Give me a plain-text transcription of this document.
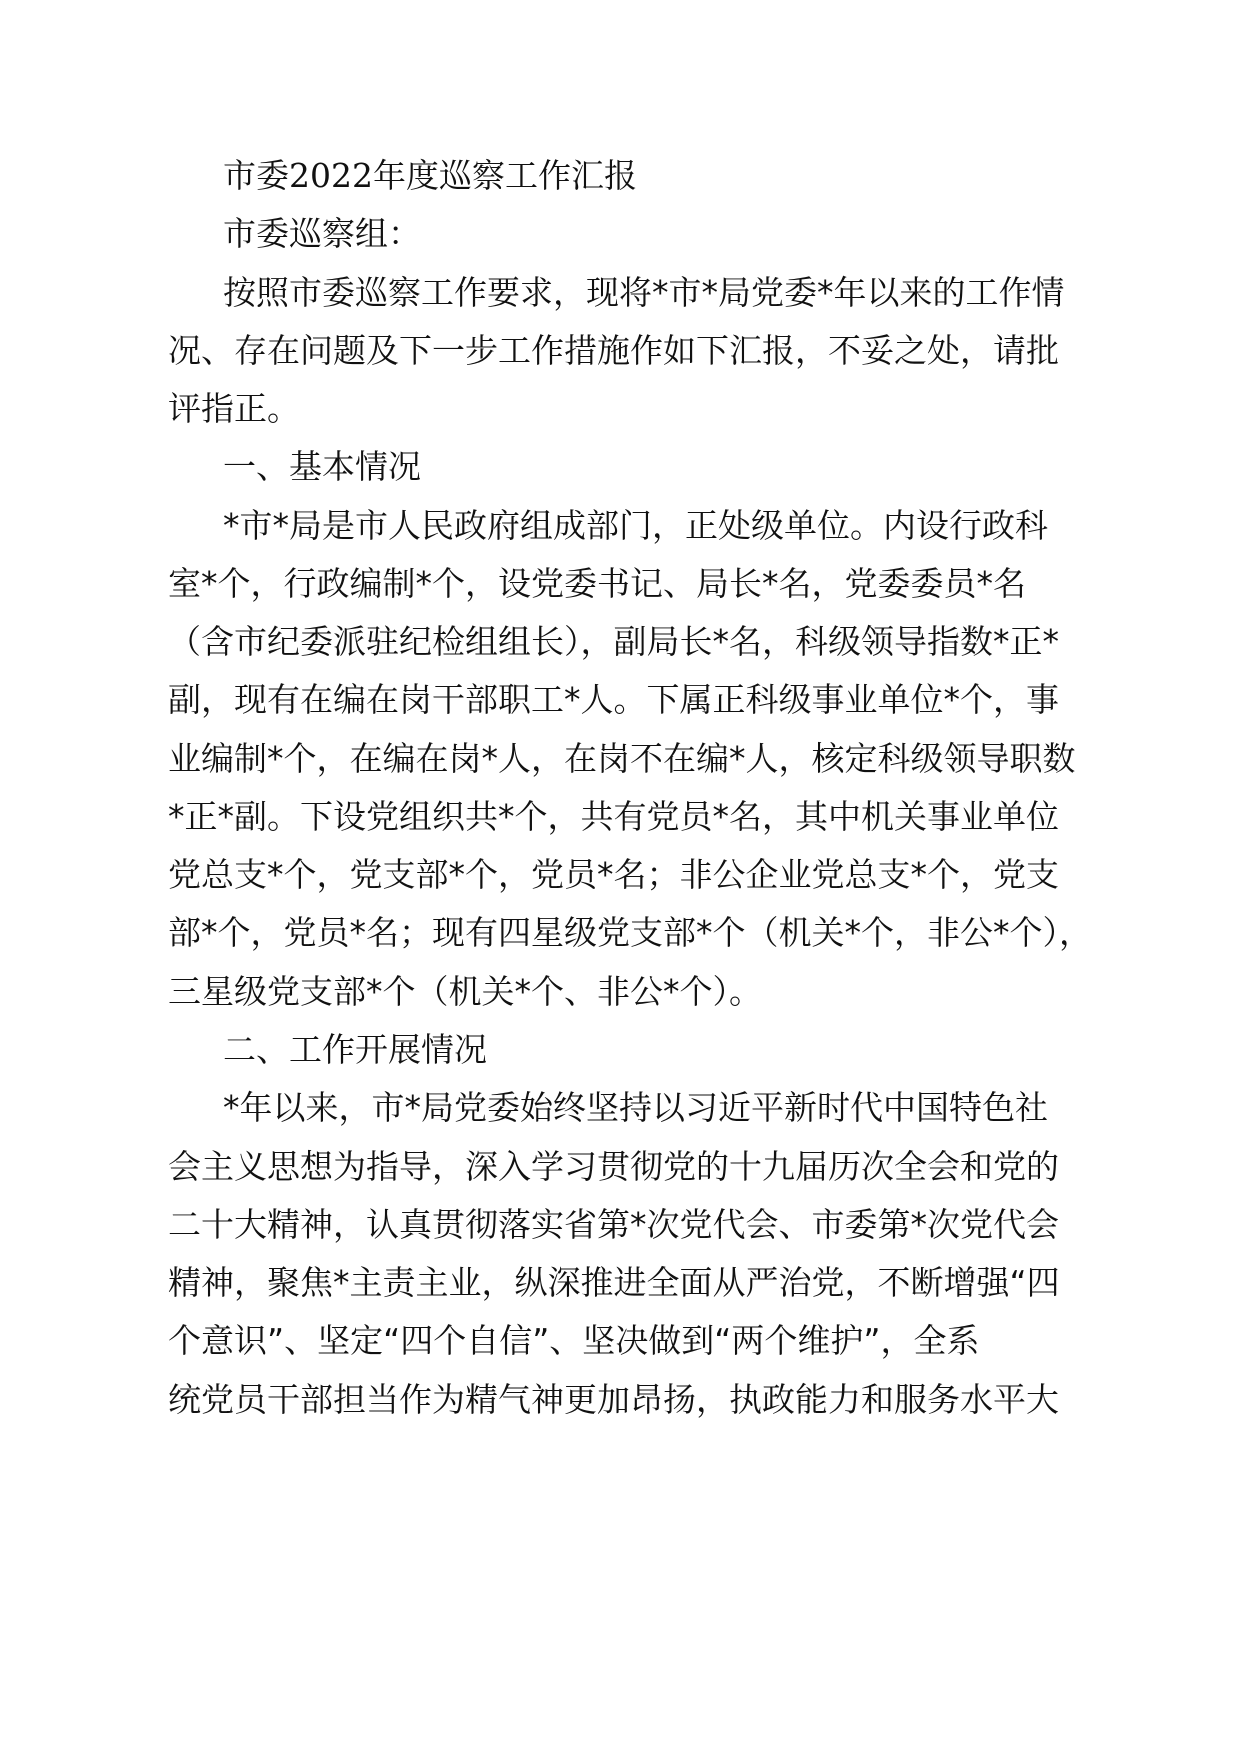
市委2022年度巡察工作汇报
市委巡察组：
按照市委巡察工作要求，现将*市*局党委*年以来的工作情
况、存在问题及下一步工作措施作如下汇报，不妥之处，请批
评指正。
一、基本情况
*市*局是市人民政府组成部门，正处级单位。内设行政科
室*个，行政编制*个，设党委书记、局长*名，党委委员*名
（含市纪委派驻纪检组组长），副局长*名，科级领导指数*正*
副，现有在编在岗干部职工*人。下属正科级事业单位*个，事
业编制*个，在编在岗*人，在岗不在编*人，核定科级领导职数
*正*副。下设党组织共*个，共有党员*名，其中机关事业单位
党总支*个，党支部*个，党员*名；非公企业党总支*个，党支
部*个，党员*名；现有四星级党支部*个（机关*个，非公*个），
三星级党支部*个（机关*个、非公*个）。
二、工作开展情况
*年以来，市*局党委始终坚持以习近平新时代中国特色社
会主义思想为指导，深入学习贯彻党的十九届历次全会和党的
二十大精神，认真贯彻落实省第*次党代会、市委第*次党代会
精神，聚焦*主责主业，纵深推进全面从严治党，不断增强“四
个意识”、坚定“四个自信”、坚决做到“两个维护”，全系
统党员干部担当作为精气神更加昂扬，执政能力和服务水平大
